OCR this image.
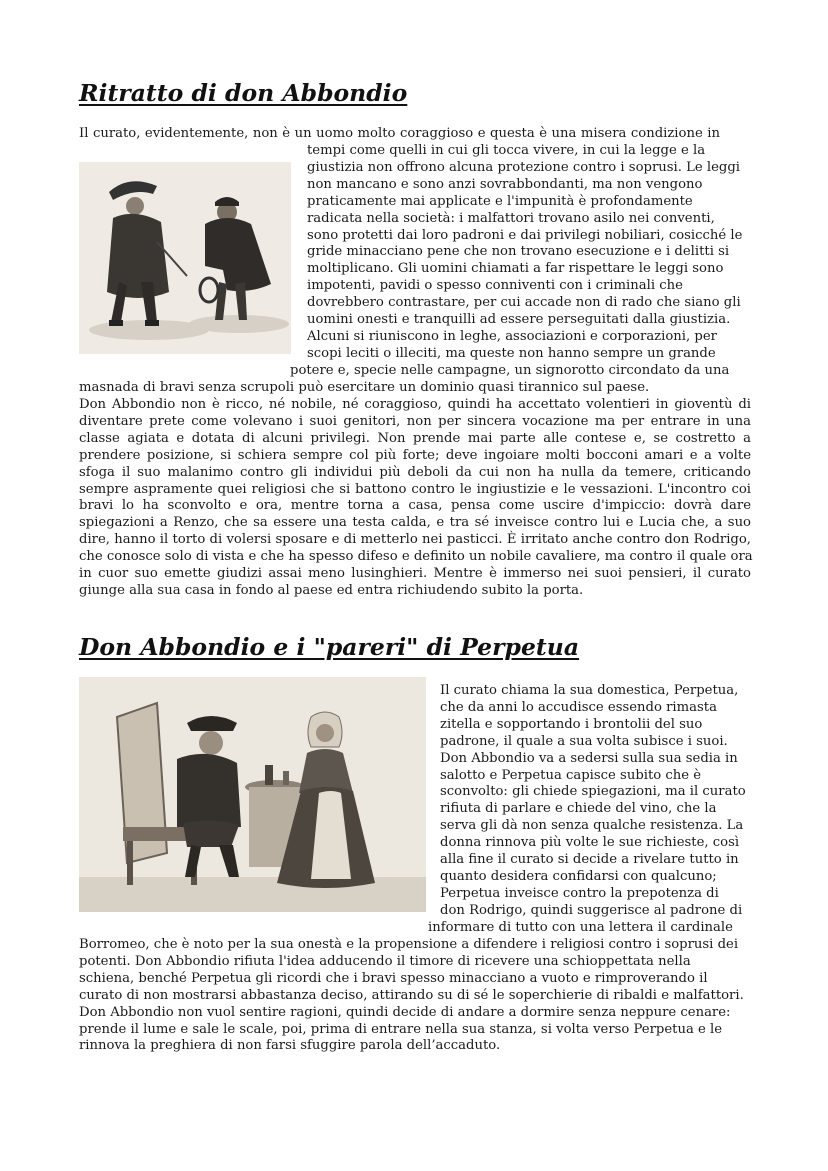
Ritratto di don Abbondio
Il curato, evidentemente, non è un uomo molto coraggioso e questa è una misera condizione in
tempi come quelli in cui gli tocca vivere, in cui la legge e la
giustizia non offrono alcuna protezione contro i soprusi. Le leggi
non mancano e sono anzi sovrabbondanti, ma non vengono
praticamente mai applicate e l'impunità è profondamente
radicata nella società: i malfattori trovano asilo nei conventi,
sono protetti dai loro padroni e dai privilegi nobiliari, cosicché le
gride minacciano pene che non trovano esecuzione e i delitti si
moltiplicano. Gli uomini chiamati a far rispettare le leggi sono
impotenti, pavidi o spesso conniventi con i criminali che
dovrebbero contrastare, per cui accade non di rado che siano gli
uomini onesti e tranquilli ad essere perseguitati dalla giustizia.
Alcuni si riuniscono in leghe, associazioni e corporazioni, per
scopi leciti o illeciti, ma queste non hanno sempre un grande
potere e, specie nelle campagne, un signorotto circondato da una
masnada di bravi senza scrupoli può esercitare un dominio quasi tirannico sul paese.
Don Abbondio non è ricco, né nobile, né coraggioso, quindi ha accettato volentieri in gioventù di
diventare prete come volevano i suoi genitori, non per sincera vocazione ma per entrare in una
classe agiata e dotata di alcuni privilegi. Non prende mai parte alle contese e, se costretto a
prendere posizione, si schiera sempre col più forte; deve ingoiare molti bocconi amari e a volte
sfoga il suo malanimo contro gli individui più deboli da cui non ha nulla da temere, criticando
sempre aspramente quei religiosi che si battono contro le ingiustizie e le vessazioni. L'incontro coi
bravi lo ha sconvolto e ora, mentre torna a casa, pensa come uscire d'impiccio: dovrà dare
spiegazioni a Renzo, che sa essere una testa calda, e tra sé inveisce contro lui e Lucia che, a suo
dire, hanno il torto di volersi sposare e di metterlo nei pasticci. È irritato anche contro don Rodrigo,
che conosce solo di vista e che ha spesso difeso e definito un nobile cavaliere, ma contro il quale ora
in cuor suo emette giudizi assai meno lusinghieri. Mentre è immerso nei suoi pensieri, il curato
giunge alla sua casa in fondo al paese ed entra richiudendo subito la porta.
Don Abbondio e i "pareri" di Perpetua
Il curato chiama la sua domestica, Perpetua,
che da anni lo accudisce essendo rimasta
zitella e sopportando i brontolii del suo
padrone, il quale a sua volta subisce i suoi.
Don Abbondio va a sedersi sulla sua sedia in
salotto e Perpetua capisce subito che è
sconvolto: gli chiede spiegazioni, ma il curato
rifiuta di parlare e chiede del vino, che la
serva gli dà non senza qualche resistenza. La
donna rinnova più volte le sue richieste, così
alla fine il curato si decide a rivelare tutto in
quanto desidera confidarsi con qualcuno;
Perpetua inveisce contro la prepotenza di
don Rodrigo, quindi suggerisce al padrone di
informare di tutto con una lettera il cardinale
Borromeo, che è noto per la sua onestà e la propensione a difendere i religiosi contro i soprusi dei
potenti. Don Abbondio rifiuta l'idea adducendo il timore di ricevere una schioppettata nella
schiena, benché Perpetua gli ricordi che i bravi spesso minacciano a vuoto e rimproverando il
curato di non mostrarsi abbastanza deciso, attirando su di sé le soperchierie di ribaldi e malfattori.
Don Abbondio non vuol sentire ragioni, quindi decide di andare a dormire senza neppure cenare:
prende il lume e sale le scale, poi, prima di entrare nella sua stanza, si volta verso Perpetua e le
rinnova la preghiera di non farsi sfuggire parola dell’accaduto.
